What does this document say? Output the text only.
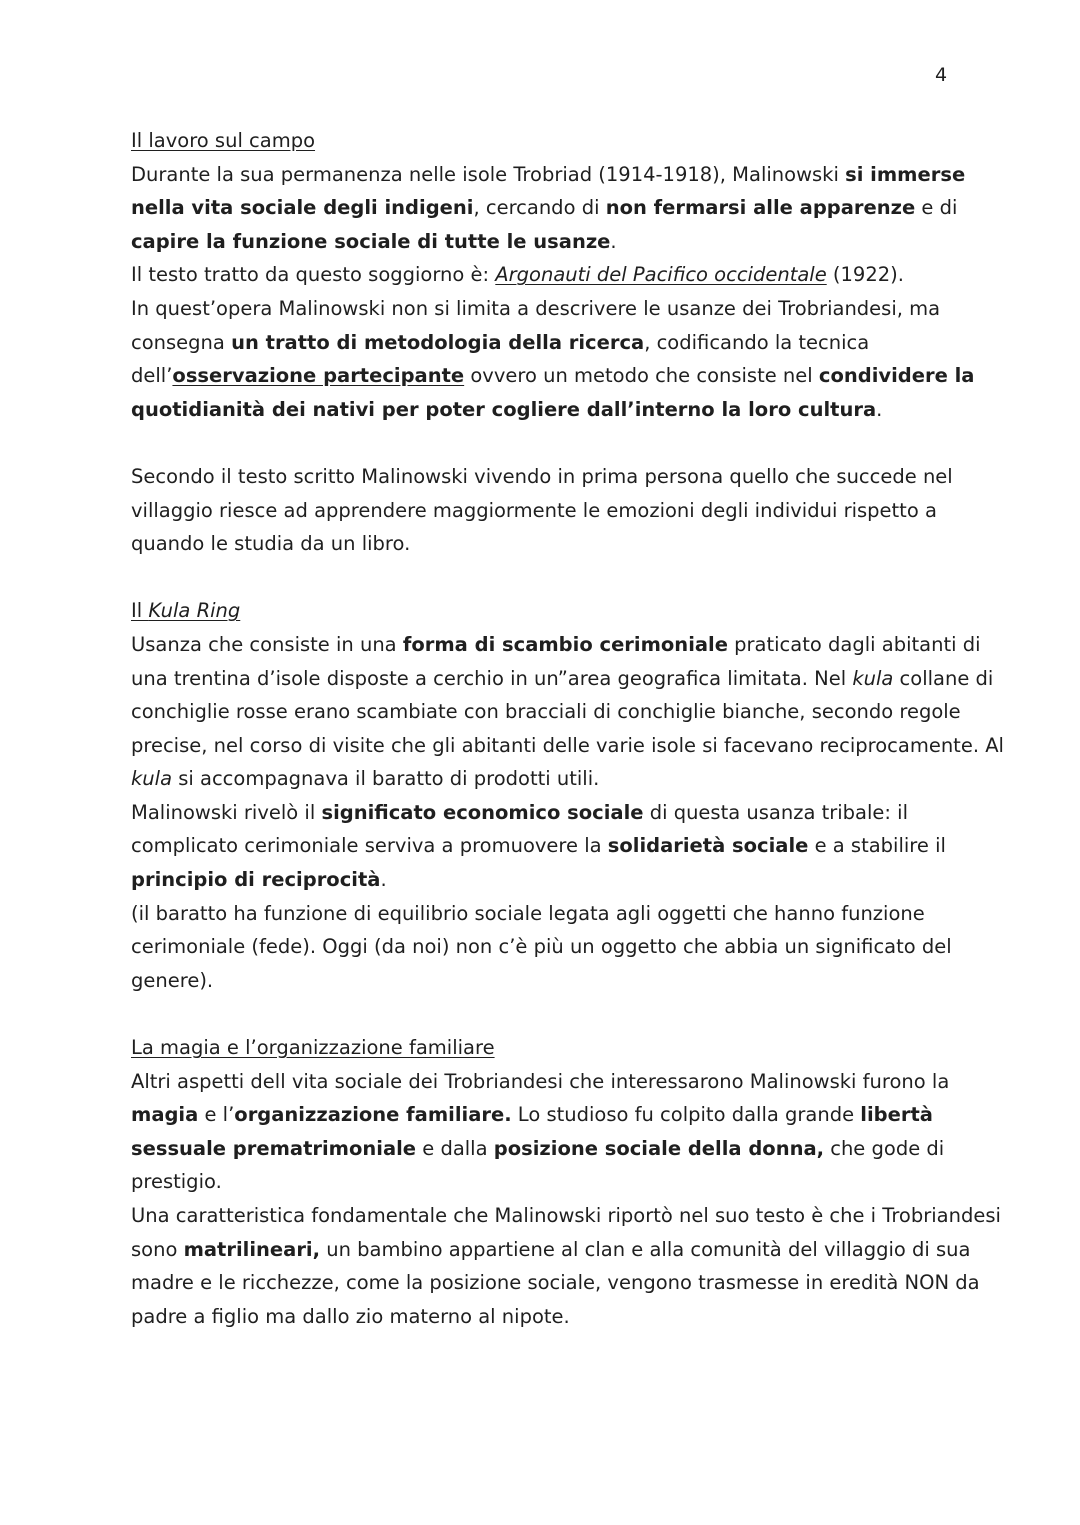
4
Il lavoro sul campo

Durante la sua permanenza nelle isole Trobriad (1914-1918), Malinowski si immerse nella vita sociale degli indigeni, cercando di non fermarsi alle apparenze e di capire la funzione sociale di tutte le usanze.

Il testo tratto da questo soggiorno è: Argonauti del Pacifico occidentale (1922).

In quest’opera Malinowski non si limita a descrivere le usanze dei Trobriandesi, ma consegna un tratto di metodologia della ricerca, codificando la tecnica dell’osservazione partecipante ovvero un metodo che consiste nel condividere la quotidianità dei nativi per poter cogliere dall’interno la loro cultura.

Secondo il testo scritto Malinowski vivendo in prima persona quello che succede nel villaggio riesce ad apprendere maggiormente le emozioni degli individui rispetto a quando le studia da un libro.

Il Kula Ring

Usanza che consiste in una forma di scambio cerimoniale praticato dagli abitanti di una trentina d’isole disposte a cerchio in un”area geografica limitata. Nel kula collane di conchiglie rosse erano scambiate con bracciali di conchiglie bianche, secondo regole precise, nel corso di visite che gli abitanti delle varie isole si facevano reciprocamente. Al kula si accompagnava il baratto di prodotti utili.

Malinowski rivelò il significato economico sociale di questa usanza tribale: il complicato cerimoniale serviva a promuovere la solidarietà sociale e a stabilire il principio di reciprocità.

(il baratto ha funzione di equilibrio sociale legata agli oggetti che hanno funzione cerimoniale (fede). Oggi (da noi) non c’è più un oggetto che abbia un significato del genere).

La magia e l’organizzazione familiare

Altri aspetti dell vita sociale dei Trobriandesi che interessarono Malinowski furono la magia e l’organizzazione familiare. Lo studioso fu colpito dalla grande libertà sessuale prematrimoniale e dalla posizione sociale della donna, che gode di prestigio.

Una caratteristica fondamentale che Malinowski riportò nel suo testo è che i Trobriandesi sono matrilineari, un bambino appartiene al clan e alla comunità del villaggio di sua madre e le ricchezze, come la posizione sociale, vengono trasmesse in eredità NON da padre a figlio ma dallo zio materno al nipote.
